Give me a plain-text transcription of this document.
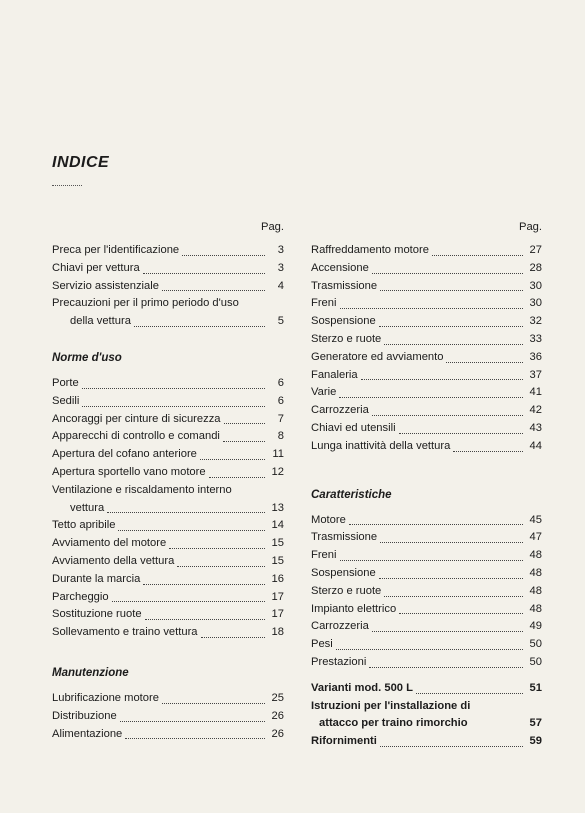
INDICE
Pag.
Preca per l'identificazione	3
Chiavi per vettura	3
Servizio assistenziale	4
Precauzioni per il primo periodo d'uso
della vettura	5
Norme d'uso
Porte	6
Sedili	6
Ancoraggi per cinture di sicurezza	7
Apparecchi di controllo e comandi	8
Apertura del cofano anteriore	11
Apertura sportello vano motore	12
Ventilazione e riscaldamento interno
vettura	13
Tetto apribile	14
Avviamento del motore	15
Avviamento della vettura	15
Durante la marcia	16
Parcheggio	17
Sostituzione ruote	17
Sollevamento e traino vettura	18
Manutenzione
Lubrificazione motore	25
Distribuzione	26
Alimentazione	26
Pag.
Raffreddamento motore	27
Accensione	28
Trasmissione	30
Freni	30
Sospensione	32
Sterzo e ruote	33
Generatore ed avviamento	36
Fanaleria	37
Varie	41
Carrozzeria	42
Chiavi ed utensili	43
Lunga inattività della vettura	44
Caratteristiche
Motore	45
Trasmissione	47
Freni	48
Sospensione	48
Sterzo e ruote	48
Impianto elettrico	48
Carrozzeria	49
Pesi	50
Prestazioni	50
Varianti mod. 500 L	51
Istruzioni per l'installazione di
attacco per traino rimorchio	57
Rifornimenti	59
